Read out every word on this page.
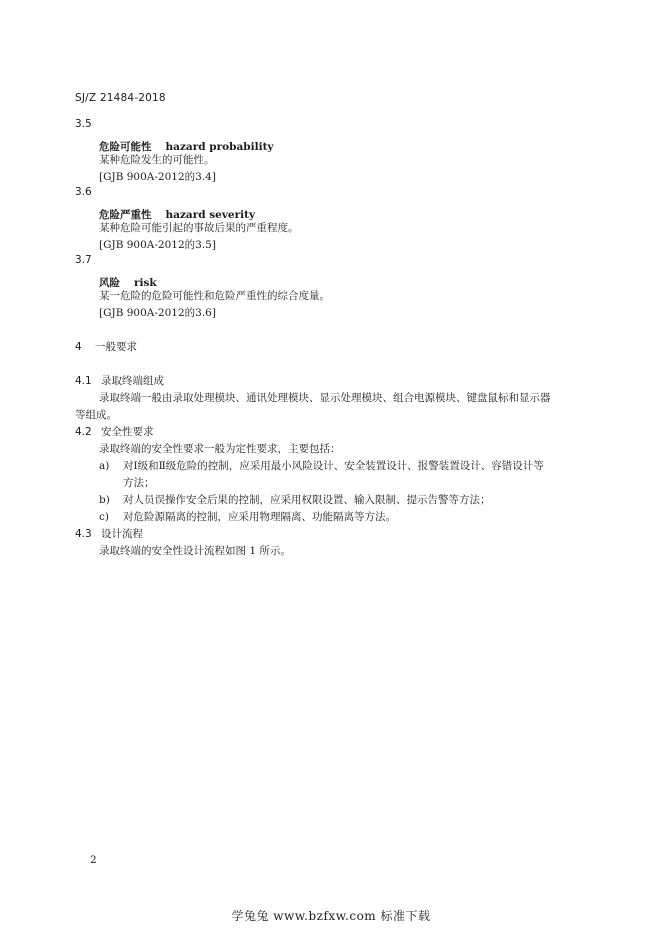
SJ/Z 21484-2018
3.5
危险可能性 hazard probability
某种危险发生的可能性。
[GJB 900A-2012的3.4]
3.6
危险严重性 hazard severity
某种危险可能引起的事故后果的严重程度。
[GJB 900A-2012的3.5]
3.7
风险 risk
某一危险的危险可能性和危险严重性的综合度量。
[GJB 900A-2012的3.6]
4 一般要求
4.1 录取终端组成
录取终端一般由录取处理模块、通讯处理模块、显示处理模块、组合电源模块、键盘鼠标和显示器
等组成。
4.2 安全性要求
录取终端的安全性要求一般为定性要求，主要包括：
a) 对Ⅰ级和Ⅱ级危险的控制，应采用最小风险设计、安全装置设计、报警装置设计、容错设计等
方法；
b) 对人员误操作安全后果的控制，应采用权限设置、输入限制、提示告警等方法；
c) 对危险源隔离的控制，应采用物理隔离、功能隔离等方法。
4.3 设计流程
录取终端的安全性设计流程如图 1 所示。
2
学兔兔 www.bzfxw.com 标准下载
